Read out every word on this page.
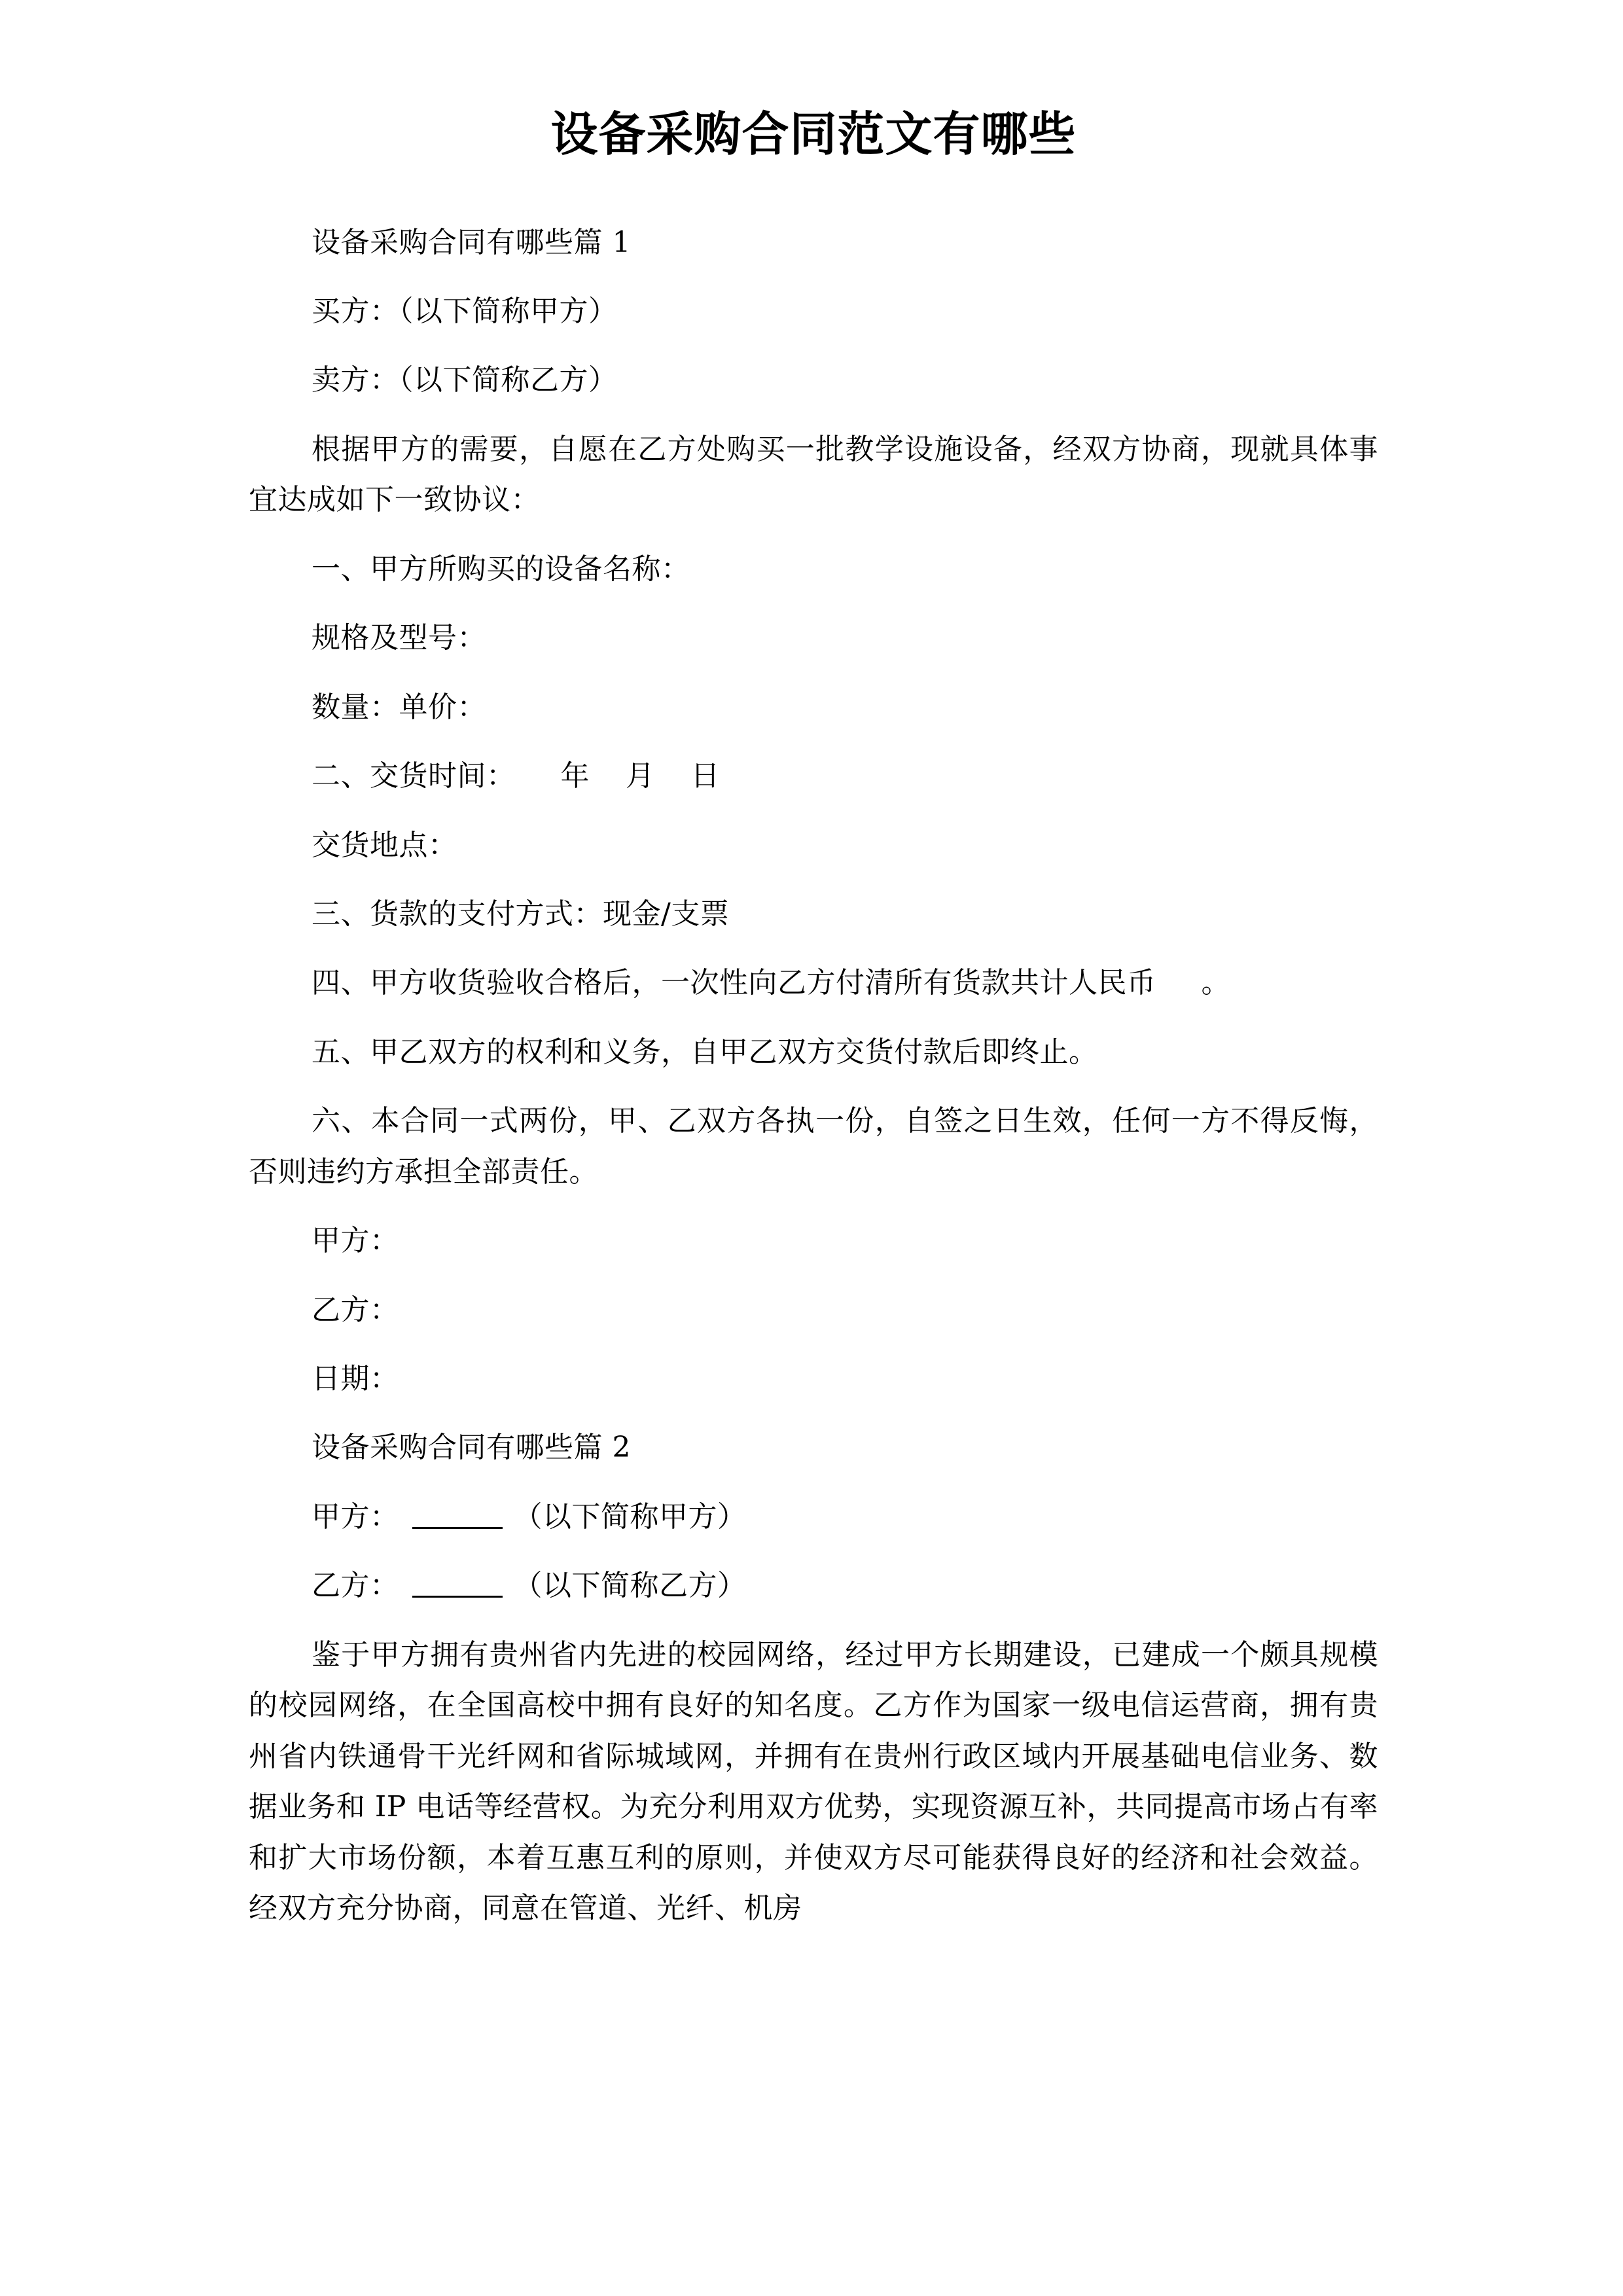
设备采购合同范文有哪些

设备采购合同有哪些篇 1

买方：（以下简称甲方）

卖方：（以下简称乙方）

根据甲方的需要，自愿在乙方处购买一批教学设施设备，经双方协商，现就具体事宜达成如下一致协议：

一、甲方所购买的设备名称：

规格及型号：

数量：单价：

二、交货时间： 年 月 日

交货地点：

三、货款的支付方式：现金/支票

四、甲方收货验收合格后，一次性向乙方付清所有货款共计人民币 。

五、甲乙双方的权利和义务，自甲乙双方交货付款后即终止。

六、本合同一式两份，甲、乙双方各执一份，自签之日生效，任何一方不得反悔，否则违约方承担全部责任。

甲方：

乙方：

日期：

设备采购合同有哪些篇 2

甲方：	（以下简称甲方）

乙方：	（以下简称乙方）

鉴于甲方拥有贵州省内先进的校园网络，经过甲方长期建设，已建成一个颇具规模的校园网络，在全国高校中拥有良好的知名度。乙方作为国家一级电信运营商，拥有贵州省内铁通骨干光纤网和省际城域网，并拥有在贵州行政区域内开展基础电信业务、数据业务和 IP 电话等经营权。为充分利用双方优势，实现资源互补，共同提高市场占有率和扩大市场份额，本着互惠互利的原则，并使双方尽可能获得良好的经济和社会效益。经双方充分协商，同意在管道、光纤、机房
